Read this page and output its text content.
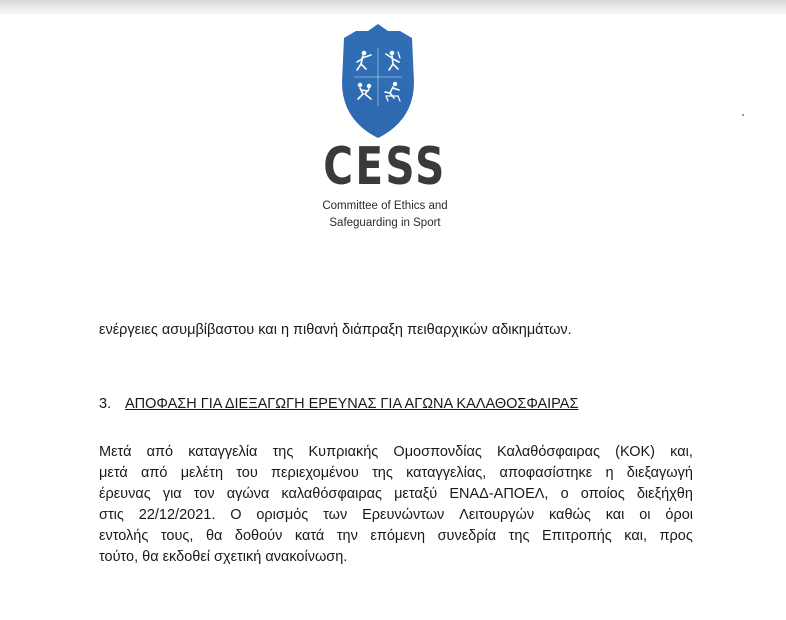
CESS
Committee of Ethics and
Safeguarding in Sport
ενέργειες ασυμβίβαστου και η πιθανή διάπραξη πειθαρχικών αδικημάτων.
3. ΑΠΟΦΑΣΗ ΓΙΑ ΔΙΕΞΑΓΩΓΗ ΕΡΕΥΝΑΣ ΓΙΑ ΑΓΩΝΑ ΚΑΛΑΘΟΣΦΑΙΡΑΣ
Μετά από καταγγελία της Κυπριακής Ομοσπονδίας Καλαθόσφαιρας (ΚΟΚ) και,
μετά από μελέτη του περιεχομένου της καταγγελίας, αποφασίστηκε η διεξαγωγή
έρευνας για τον αγώνα καλαθόσφαιρας μεταξύ ΕΝΑΔ-ΑΠΟΕΛ, ο οποίος διεξήχθη
στις 22/12/2021. Ο ορισμός των Ερευνώντων Λειτουργών καθώς και οι όροι
εντολής τους, θα δοθούν κατά την επόμενη συνεδρία της Επιτροπής και, προς
τούτο, θα εκδοθεί σχετική ανακοίνωση.
